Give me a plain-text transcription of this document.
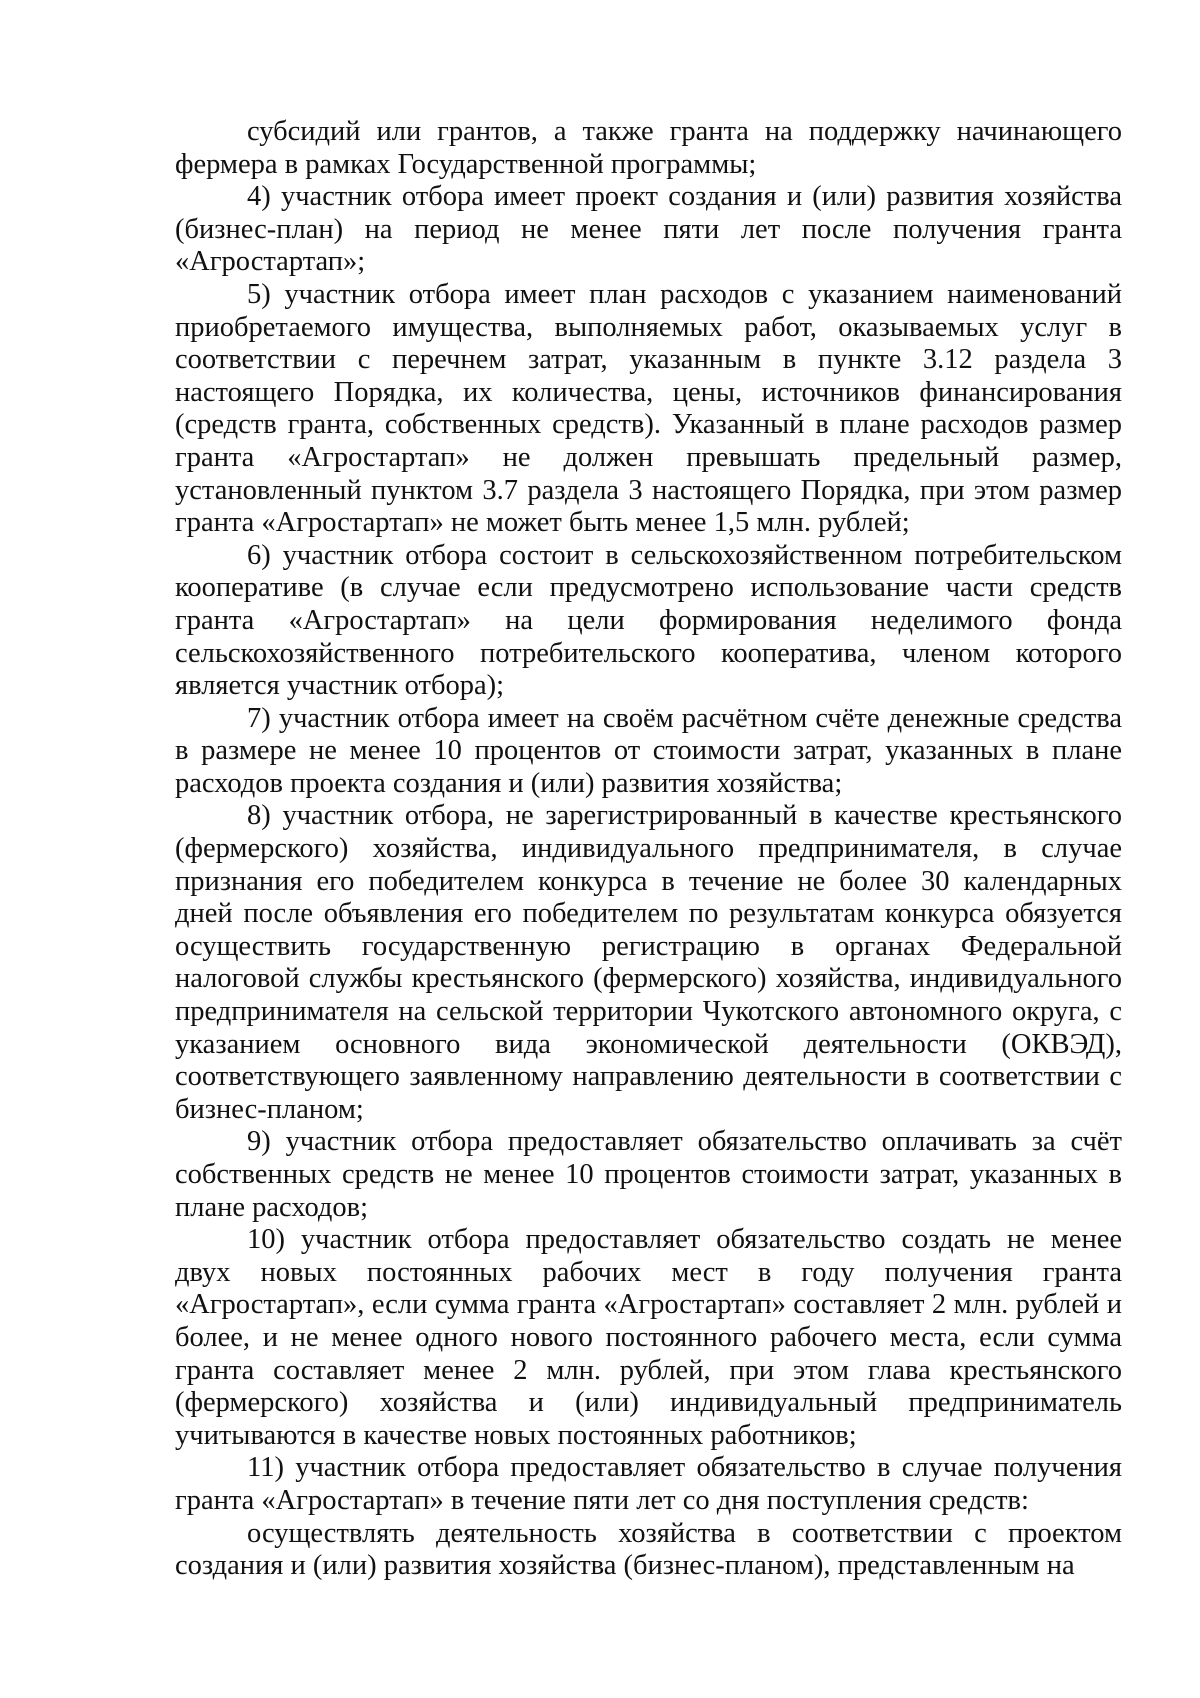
субсидий или грантов, а также гранта на поддержку начинающего фермера в рамках Государственной программы;

4) участник отбора имеет проект создания и (или) развития хозяйства (бизнес-план) на период не менее пяти лет после получения гранта «Агростартап»;

5) участник отбора имеет план расходов с указанием наименований приобретаемого имущества, выполняемых работ, оказываемых услуг в соответствии с перечнем затрат, указанным в пункте 3.12 раздела 3 настоящего Порядка, их количества, цены, источников финансирования (средств гранта, собственных средств). Указанный в плане расходов размер гранта «Агростартап» не должен превышать предельный размер, установленный пунктом 3.7 раздела 3 настоящего Порядка, при этом размер гранта «Агростартап» не может быть менее 1,5 млн. рублей;

6) участник отбора состоит в сельскохозяйственном потребительском кооперативе (в случае если предусмотрено использование части средств гранта «Агростартап» на цели формирования неделимого фонда сельскохозяйственного потребительского кооператива, членом которого является участник отбора);

7) участник отбора имеет на своём расчётном счёте денежные средства в размере не менее 10 процентов от стоимости затрат, указанных в плане расходов проекта создания и (или) развития хозяйства;

8) участник отбора, не зарегистрированный в качестве крестьянского (фермерского) хозяйства, индивидуального предпринимателя, в случае признания его победителем конкурса в течение не более 30 календарных дней после объявления его победителем по результатам конкурса обязуется осуществить государственную регистрацию в органах Федеральной налоговой службы крестьянского (фермерского) хозяйства, индивидуального предпринимателя на сельской территории Чукотского автономного округа, с указанием основного вида экономической деятельности (ОКВЭД), соответствующего заявленному направлению деятельности в соответствии с бизнес-планом;

9) участник отбора предоставляет обязательство оплачивать за счёт собственных средств не менее 10 процентов стоимости затрат, указанных в плане расходов;

10) участник отбора предоставляет обязательство создать не менее двух новых постоянных рабочих мест в году получения гранта «Агростартап», если сумма гранта «Агростартап» составляет 2 млн. рублей и более, и не менее одного нового постоянного рабочего места, если сумма гранта составляет менее 2 млн. рублей, при этом глава крестьянского (фермерского) хозяйства и (или) индивидуальный предприниматель учитываются в качестве новых постоянных работников;

11) участник отбора предоставляет обязательство в случае получения гранта «Агростартап» в течение пяти лет со дня поступления средств:

осуществлять деятельность хозяйства в соответствии с проектом создания и (или) развития хозяйства (бизнес-планом), представленным на
